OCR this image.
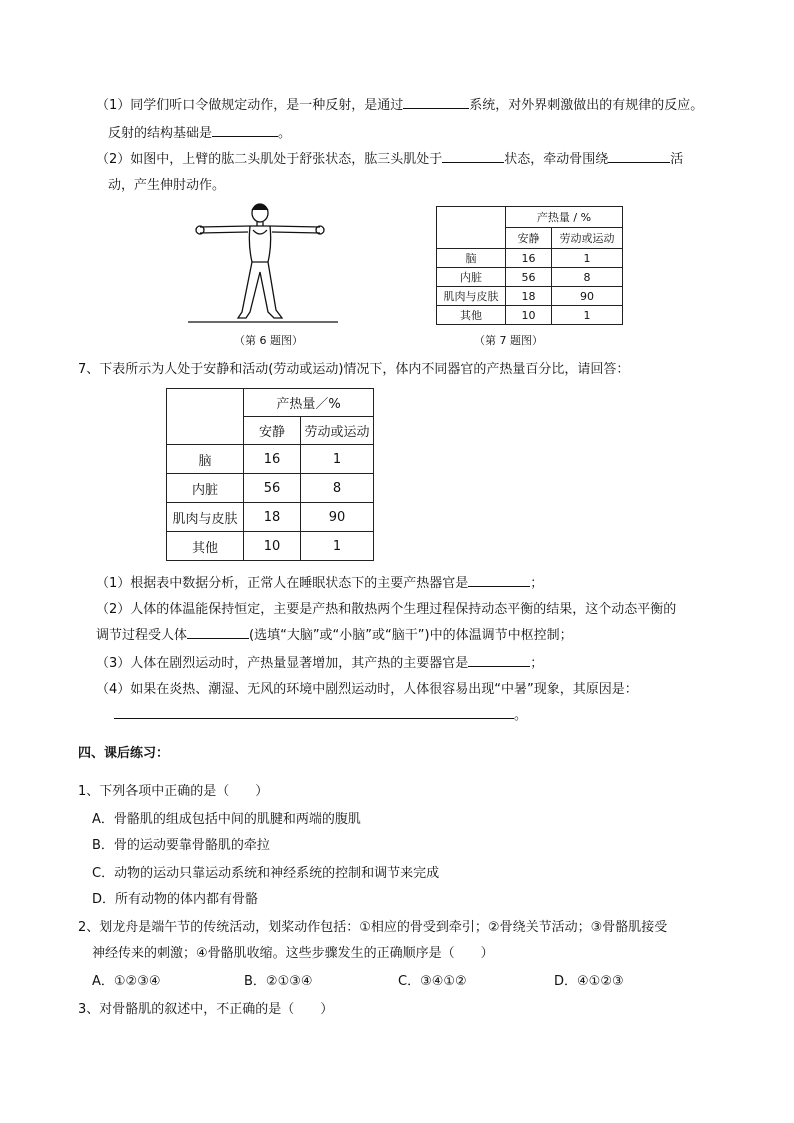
（1）同学们听口令做规定动作，是一种反射，是通过	系统，对外界刺激做出的有规律的反应。
反射的结构基础是	。
（2）如图中，上臂的肱二头肌处于舒张状态，肱三头肌处于	状态，牵动骨围绕	活
动，产生伸肘动作。
（第 6 题图）
	产热量 / %	
	安静	劳动或运动
脑	16	1
内脏	56	8
肌肉与皮肤	18	90
其他	10	1
（第 7 题图）
7、下表所示为人处于安静和活动(劳动或运动)情况下，体内不同器官的产热量百分比，请回答：
	产热量／%	
	安静	劳动或运动
脑	16	1
内脏	56	8
肌肉与皮肤	18	90
其他	10	1
（1）根据表中数据分析，正常人在睡眠状态下的主要产热器官是	；
（2）人体的体温能保持恒定，主要是产热和散热两个生理过程保持动态平衡的结果，这个动态平衡的
调节过程受人体	(选填“大脑”或“小脑”或“脑干”)中的体温调节中枢控制；
（3）人体在剧烈运动时，产热量显著增加，其产热的主要器官是	；
（4）如果在炎热、潮湿、无风的环境中剧烈运动时，人体很容易出现“中暑”现象，其原因是：
。
四、课后练习：
1、下列各项中正确的是（　　）
A．骨骼肌的组成包括中间的肌腱和两端的腹肌
B．骨的运动要靠骨骼肌的牵拉
C．动物的运动只靠运动系统和神经系统的控制和调节来完成
D．所有动物的体内都有骨骼
2、划龙舟是端午节的传统活动，划桨动作包括：①相应的骨受到牵引；②骨绕关节活动；③骨骼肌接受
神经传来的刺激；④骨骼肌收缩。这些步骤发生的正确顺序是（　　）
A．①②③④	B．②①③④	C．③④①②	D．④①②③
3、对骨骼肌的叙述中，不正确的是（　　）
